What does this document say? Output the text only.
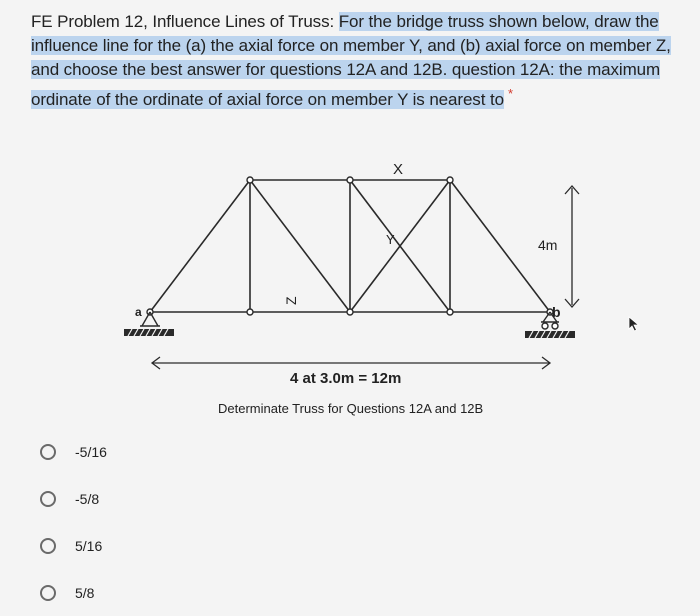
FE Problem 12, Influence Lines of Truss: For the bridge truss shown below, draw the influence line for the (a) the axial force on member Y, and (b) axial force on member Z, and choose the best answer for questions 12A and 12B. question 12A: the maximum ordinate of the ordinate of axial force on member Y is nearest to *
X
Y
Z
a	b
4m
4 at 3.0m = 12m
Determinate Truss for Questions 12A and 12B
-5/16
-5/8
5/16
5/8
